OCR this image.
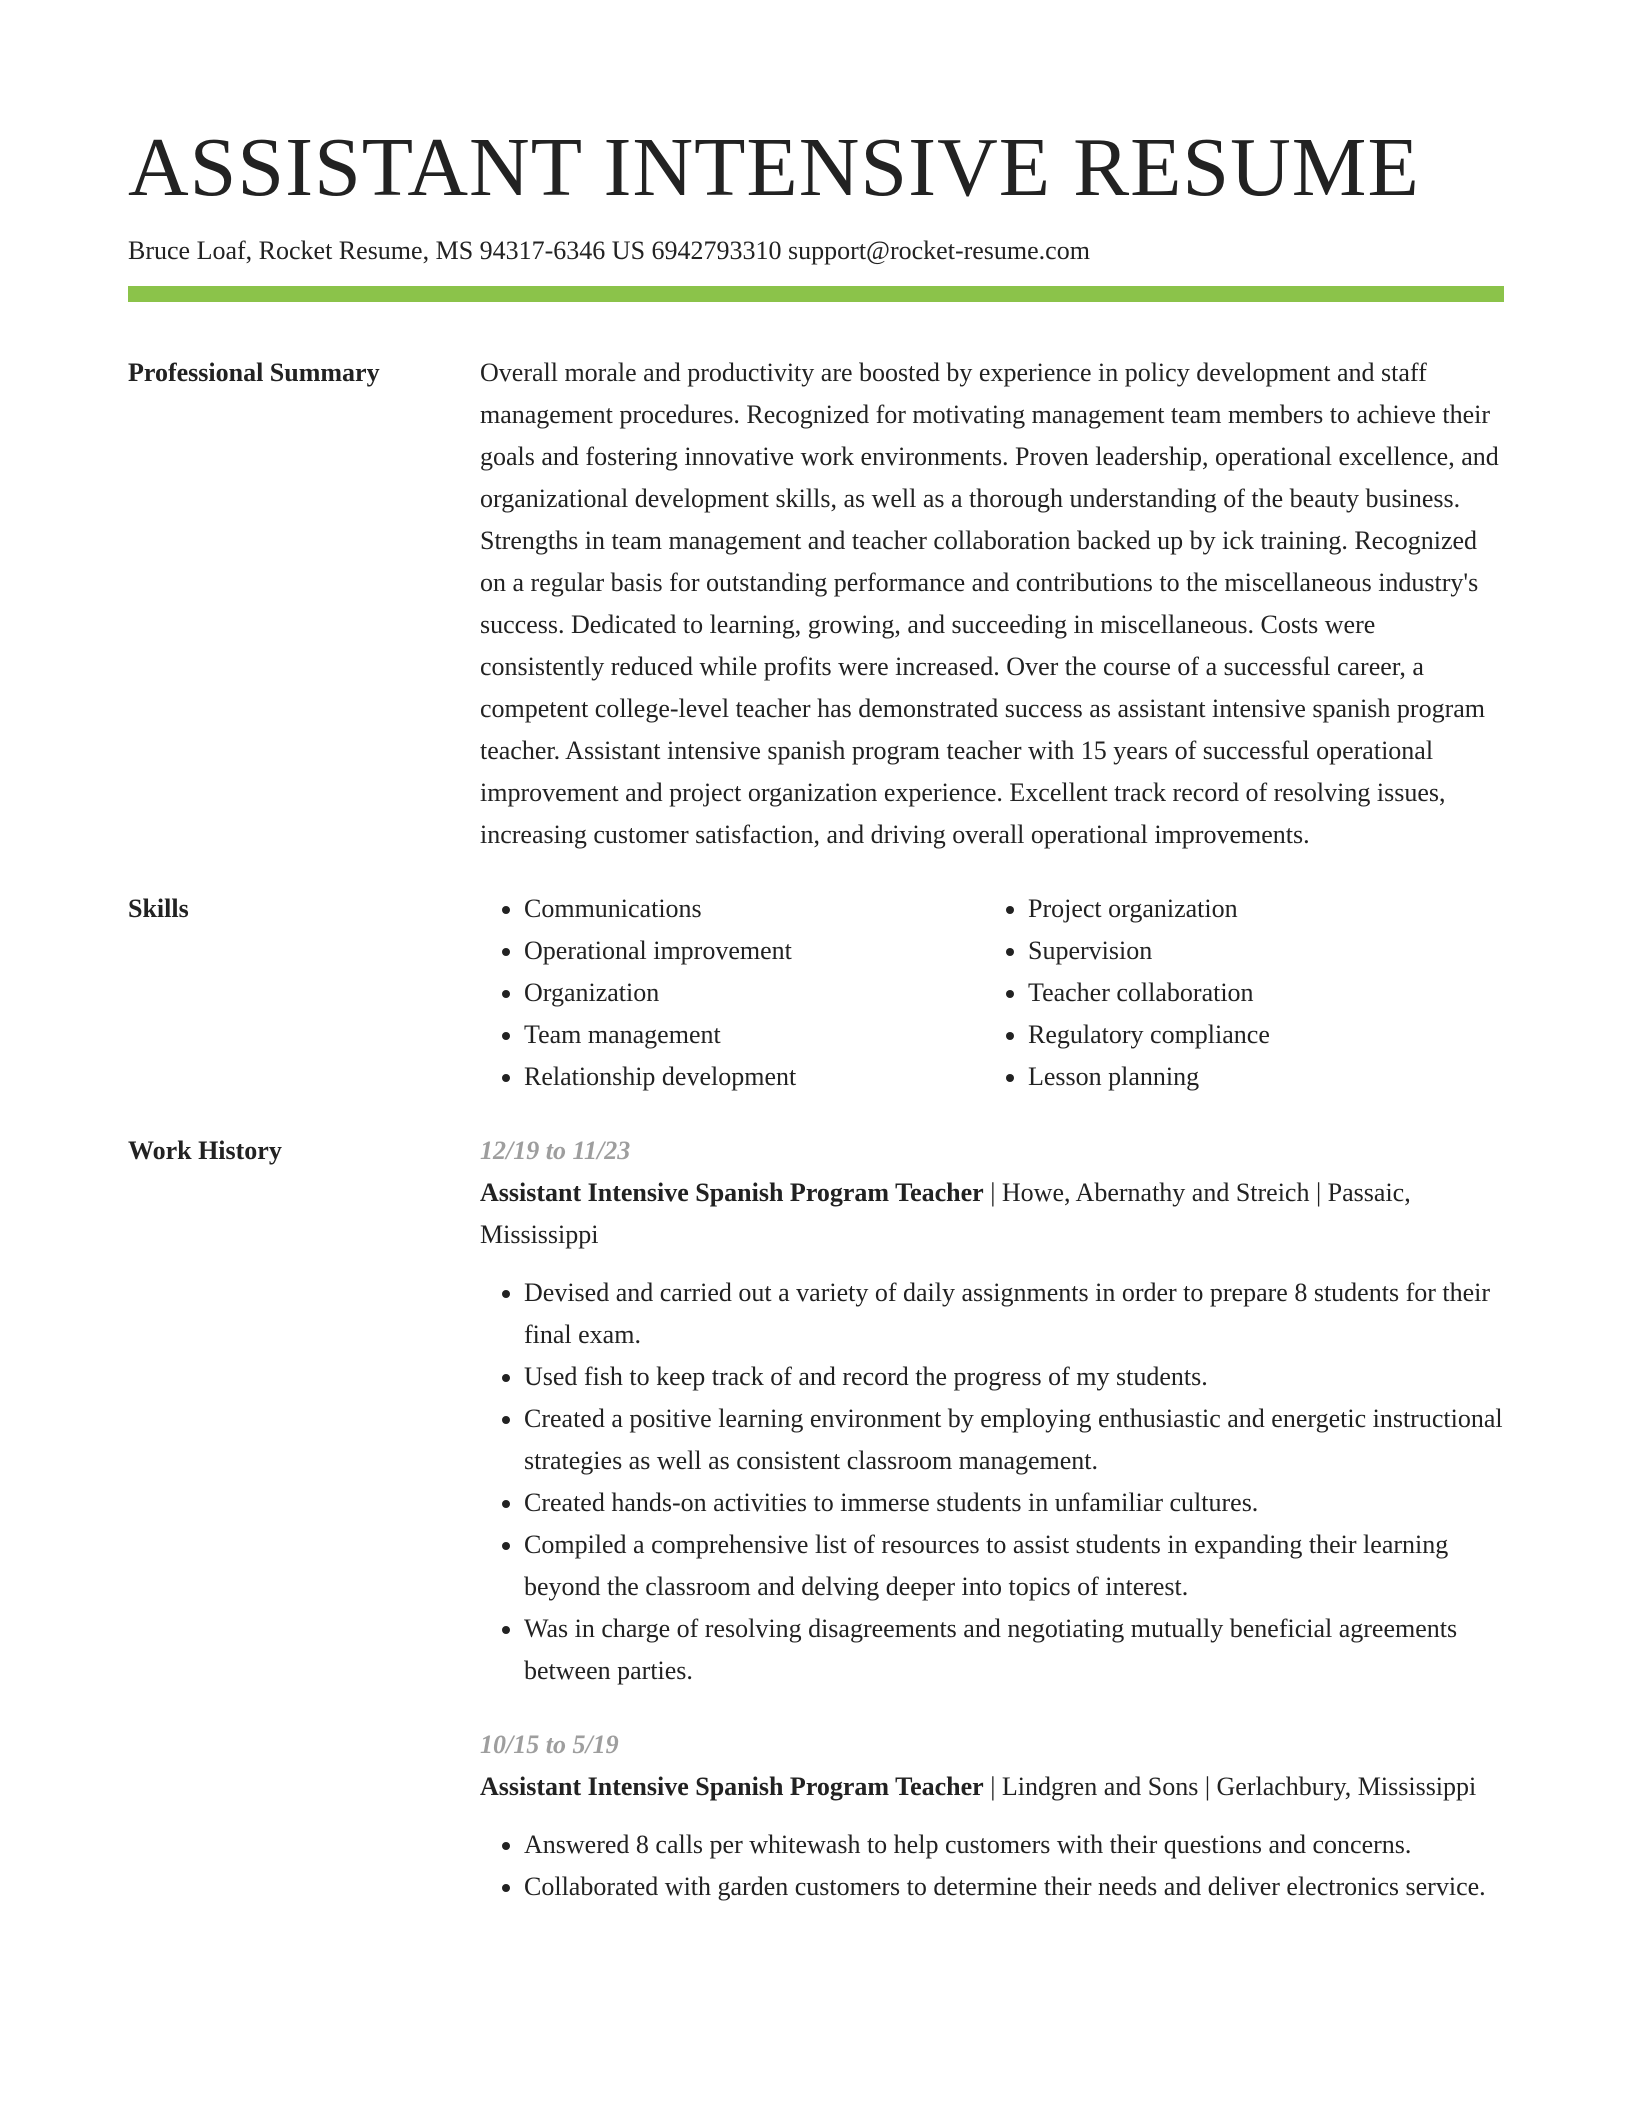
ASSISTANT INTENSIVE RESUME
Bruce Loaf, Rocket Resume, MS 94317-6346 US 6942793310 support@rocket-resume.com
Professional Summary	Overall morale and productivity are boosted by experience in policy development and staff management procedures. Recognized for motivating management team members to achieve their goals and fostering innovative work environments. Proven leadership, operational excellence, and organizational development skills, as well as a thorough understanding of the beauty business. Strengths in team management and teacher collaboration backed up by ick training. Recognized on a regular basis for outstanding performance and contributions to the miscellaneous industry's success. Dedicated to learning, growing, and succeeding in miscellaneous. Costs were consistently reduced while profits were increased. Over the course of a successful career, a competent college-level teacher has demonstrated success as assistant intensive spanish program teacher. Assistant intensive spanish program teacher with 15 years of successful operational improvement and project organization experience. Excellent track record of resolving issues, increasing customer satisfaction, and driving overall operational improvements.
Skills
•	Communications
• Operational improvement
• Organization
• Team management
• Relationship development
• Project organization
• Supervision
• Teacher collaboration
• Regulatory compliance
• Lesson planning
Work History	12/19 to 11/23
Assistant Intensive Spanish Program Teacher | Howe, Abernathy and Streich | Passaic, Mississippi
• Devised and carried out a variety of daily assignments in order to prepare 8 students for their final exam.
• Used fish to keep track of and record the progress of my students.
• Created a positive learning environment by employing enthusiastic and energetic instructional strategies as well as consistent classroom management.
• Created hands-on activities to immerse students in unfamiliar cultures.
• Compiled a comprehensive list of resources to assist students in expanding their learning beyond the classroom and delving deeper into topics of interest.
• Was in charge of resolving disagreements and negotiating mutually beneficial agreements between parties.
10/15 to 5/19
Assistant Intensive Spanish Program Teacher | Lindgren and Sons | Gerlachbury, Mississippi
• Answered 8 calls per whitewash to help customers with their questions and concerns.
• Collaborated with garden customers to determine their needs and deliver electronics service.
